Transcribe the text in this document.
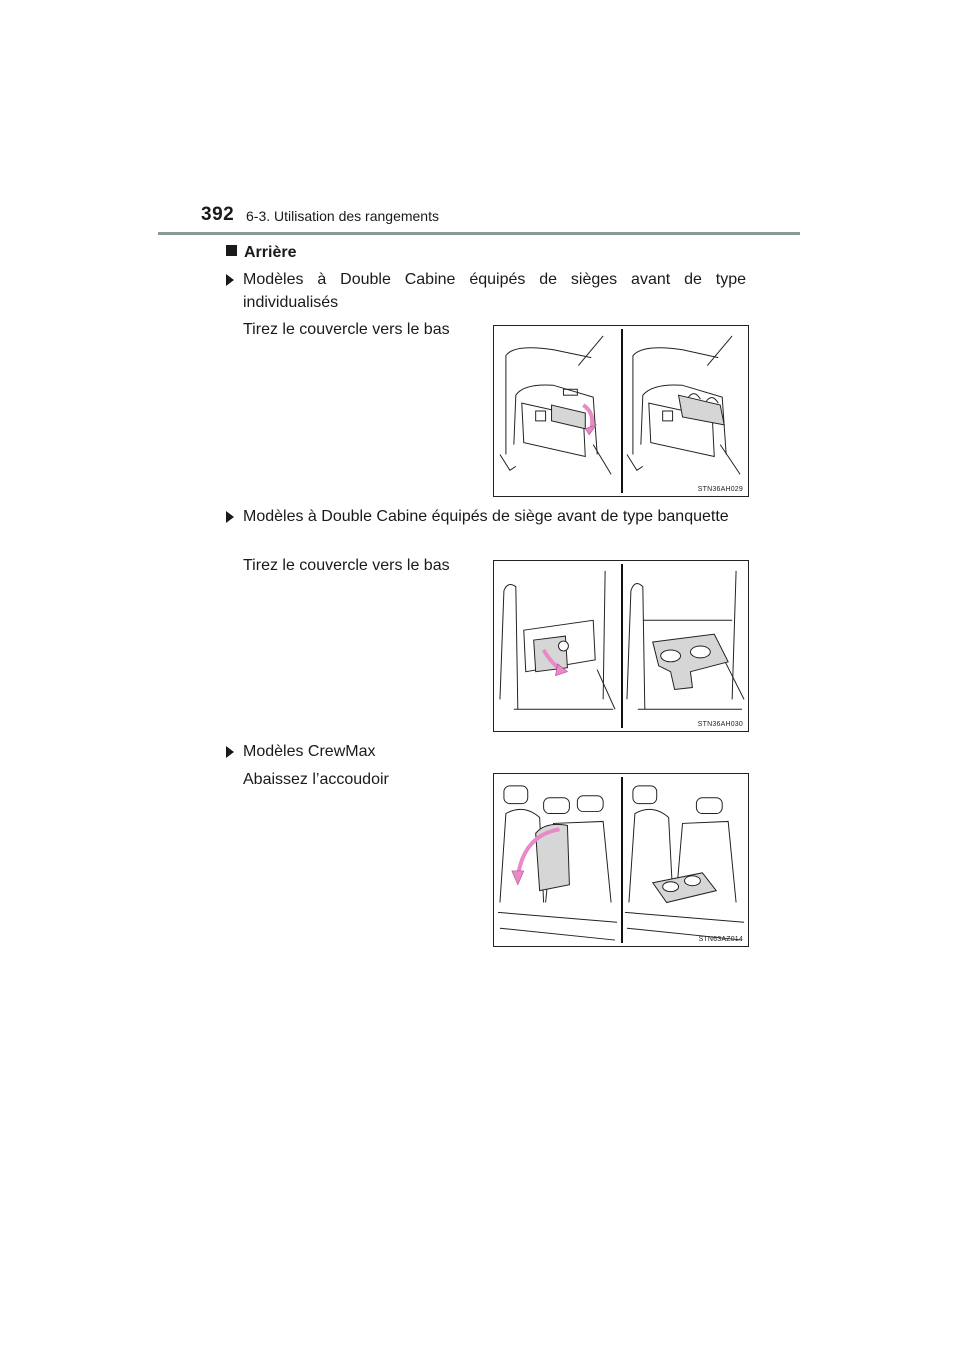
392 6-3. Utilisation des rangements
Arrière
Modèles à Double Cabine équipés de sièges avant de type individualisés
Tirez le couvercle vers le bas
STN36AH029
Modèles à Double Cabine équipés de siège avant de type banquette
Tirez le couvercle vers le bas
STN36AH030
Modèles CrewMax
Abaissez l’accoudoir
STN63AZ014
